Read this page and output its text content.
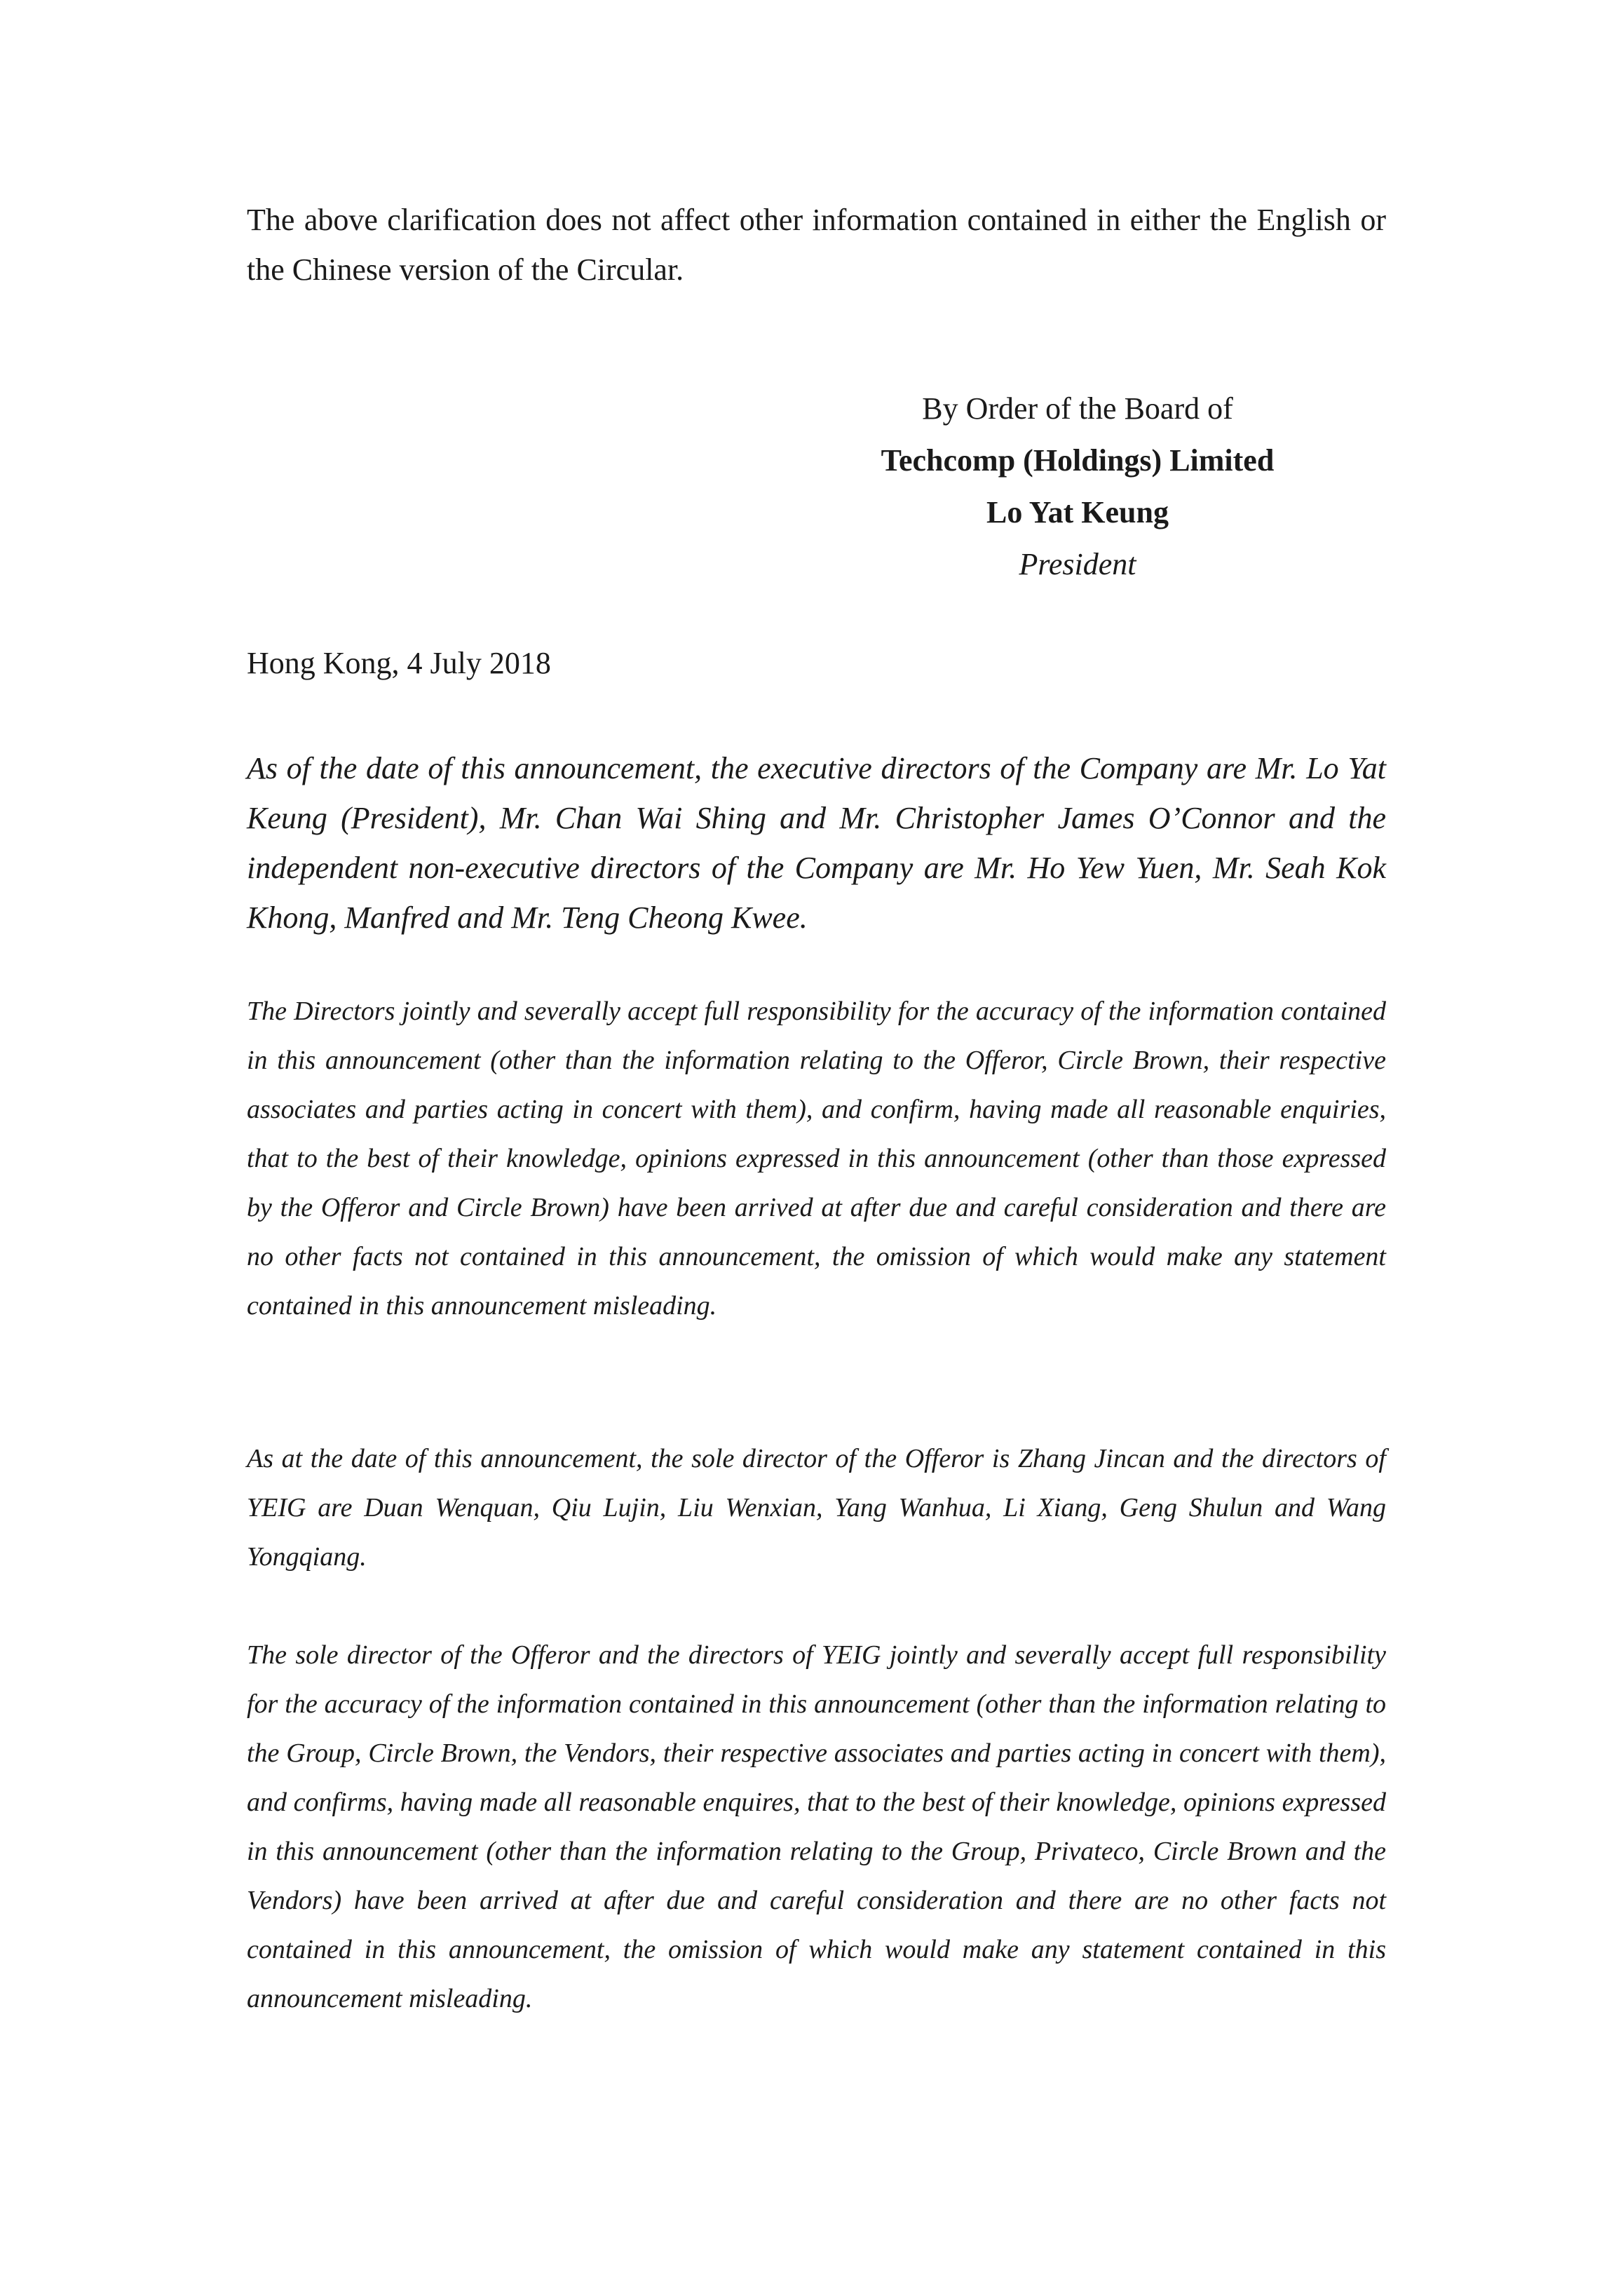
The above clarification does not affect other information contained in either the English or the Chinese version of the Circular.

By Order of the Board of
Techcomp (Holdings) Limited
Lo Yat Keung
President

Hong Kong, 4 July 2018

As of the date of this announcement, the executive directors of the Company are Mr. Lo Yat Keung (President), Mr. Chan Wai Shing and Mr. Christopher James O’Connor and the independent non-executive directors of the Company are Mr. Ho Yew Yuen, Mr. Seah Kok Khong, Manfred and Mr. Teng Cheong Kwee.

The Directors jointly and severally accept full responsibility for the accuracy of the information contained in this announcement (other than the information relating to the Offeror, Circle Brown, their respective associates and parties acting in concert with them), and confirm, having made all reasonable enquiries, that to the best of their knowledge, opinions expressed in this announcement (other than those expressed by the Offeror and Circle Brown) have been arrived at after due and careful consideration and there are no other facts not contained in this announcement, the omission of which would make any statement contained in this announcement misleading.

As at the date of this announcement, the sole director of the Offeror is Zhang Jincan and the directors of YEIG are Duan Wenquan, Qiu Lujin, Liu Wenxian, Yang Wanhua, Li Xiang, Geng Shulun and Wang Yongqiang.

The sole director of the Offeror and the directors of YEIG jointly and severally accept full responsibility for the accuracy of the information contained in this announcement (other than the information relating to the Group, Circle Brown, the Vendors, their respective associates and parties acting in concert with them), and confirms, having made all reasonable enquires, that to the best of their knowledge, opinions expressed in this announcement (other than the information relating to the Group, Privateco, Circle Brown and the Vendors) have been arrived at after due and careful consideration and there are no other facts not contained in this announcement, the omission of which would make any statement contained in this announcement misleading.
